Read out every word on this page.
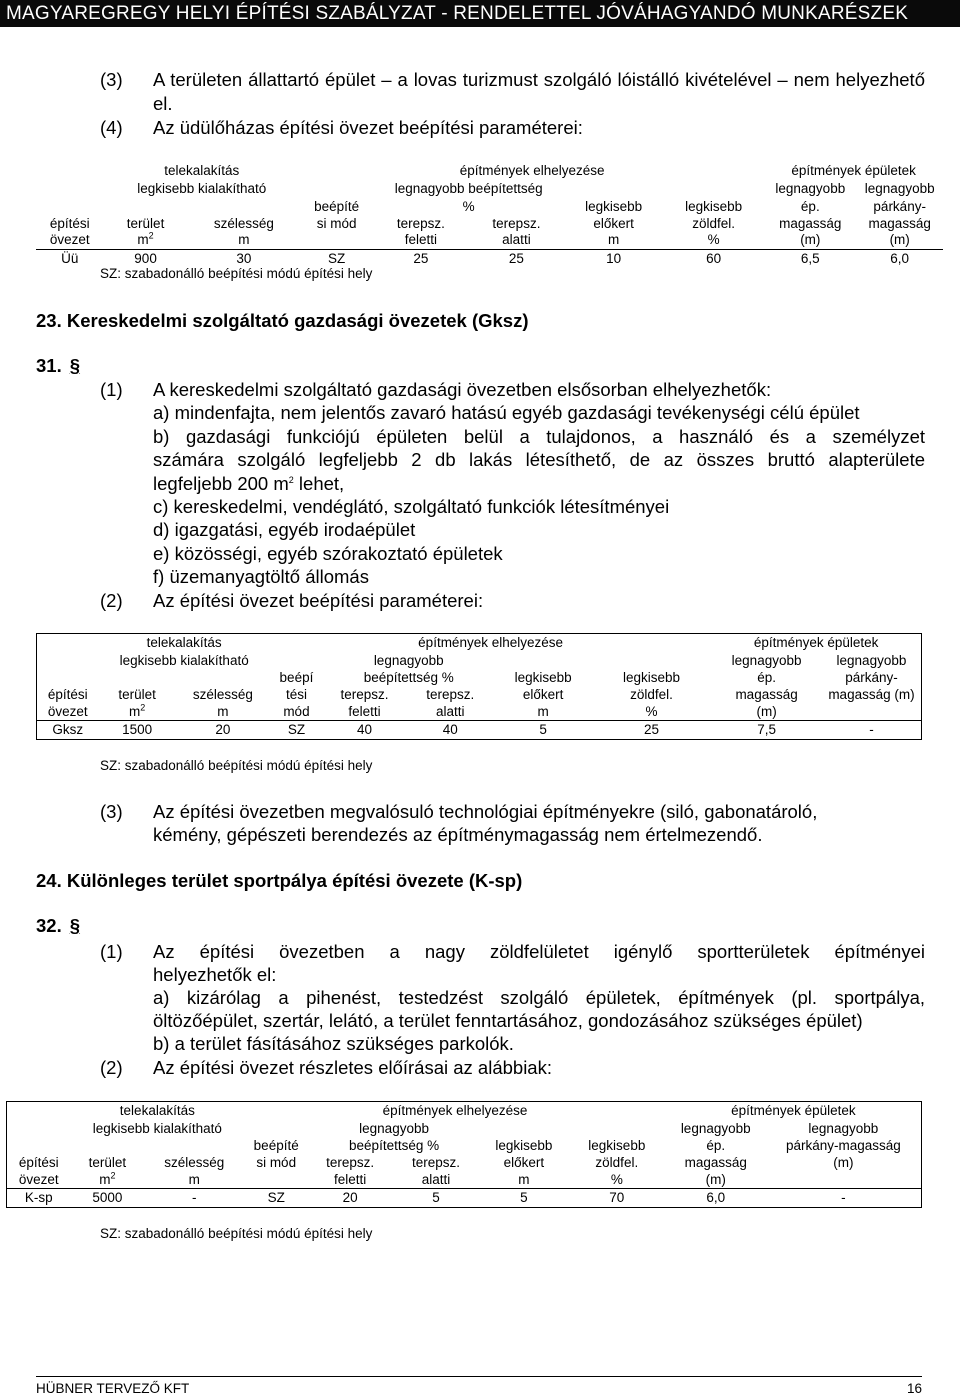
MAGYAREGREGY HELYI ÉPÍTÉSI SZABÁLYZAT - RENDELETTEL JÓVÁHAGYANDÓ MUNKARÉSZEK
(3) A területen állattartó épület – a lovas turizmust szolgáló lóistálló kivételével – nem helyezhető el.
(4) Az üdülőházas építési övezet beépítési paraméterei:
	telekalakítás		építmények elhelyezése					építmények épületek	
	legkisebb kialakítható			legnagyobb beépítettség				legnagyobb	legnagyobb
			beépíté	%		legkisebb	legkisebb	ép.	párkány-
építési	terület	szélesség	si mód	terepsz.	terepsz.	előkert	zöldfel.	magasság	magasság
övezet	$m^2$	m		feletti	alatti	m	%	(m)	(m)
Üü	900	30	SZ	25	25	10	60	6,5	6,0
SZ: szabadonálló beépítési módú építési hely
23. Kereskedelmi szolgáltató gazdasági övezetek (Gksz)
31. §
(1) A kereskedelmi szolgáltató gazdasági övezetben elsősorban elhelyezhetők:
a) mindenfajta, nem jelentős zavaró hatású egyéb gazdasági tevékenységi célú épület
b) gazdasági funkciójú épületen belül a tulajdonos, a használó és a személyzet
számára szolgáló legfeljebb 2 db lakás létesíthető, de az összes bruttó alapterülete
legfeljebb 200 $m^2$ lehet,
c) kereskedelmi, vendéglátó, szolgáltató funkciók létesítményei
d) igazgatási, egyéb irodaépület
e) közösségi, egyéb szórakoztató épületek
f) üzemanyagtöltő állomás
(2) Az építési övezet beépítési paraméterei:
	telekalakítás		építmények elhelyezése					építmények épületek	
	legkisebb kialakítható			legnagyobb				legnagyobb	legnagyobb
			beépí	beépítettség %		legkisebb	legkisebb	ép.	párkány-
építési	terület	szélesség	tési	terepsz.	terepsz.	előkert	zöldfel.	magasság	magasság (m)
övezet	$m^2$	m	mód	feletti	alatti	m	%	(m)	
Gksz	1500	20	SZ	40	40	5	25	7,5	-
SZ: szabadonálló beépítési módú építési hely
(3) Az építési övezetben megvalósuló technológiai építményekre (siló, gabonatároló,
kémény, gépészeti berendezés az építménymagasság nem értelmezendő.
24. Különleges terület sportpálya építési övezete (K-sp)
32. §
(1) Az építési övezetben a nagy zöldfelületet igénylő sportterületek építményei
helyezhetők el:
a) kizárólag a pihenést, testedzést szolgáló épületek, építmények (pl. sportpálya,
öltözőépület, szertár, lelátó, a terület fenntartásához, gondozásához szükséges épület)
b) a terület fásításához szükséges parkolók.
(2) Az építési övezet részletes előírásai az alábbiak:
	telekalakítás		építmények elhelyezése					építmények épületek	
	legkisebb kialakítható			legnagyobb				legnagyobb	legnagyobb
			beépíté	beépítettség %		legkisebb	legkisebb	ép.	párkány-magasság
építési	terület	szélesség	si mód	terepsz.	terepsz.	előkert	zöldfel.	magasság	(m)
övezet	$m^2$	m		feletti	alatti	m	%	(m)	
K-sp	5000	-	SZ	20	5	5	70	6,0	-
SZ: szabadonálló beépítési módú építési hely
HÜBNER TERVEZŐ KFT	16
